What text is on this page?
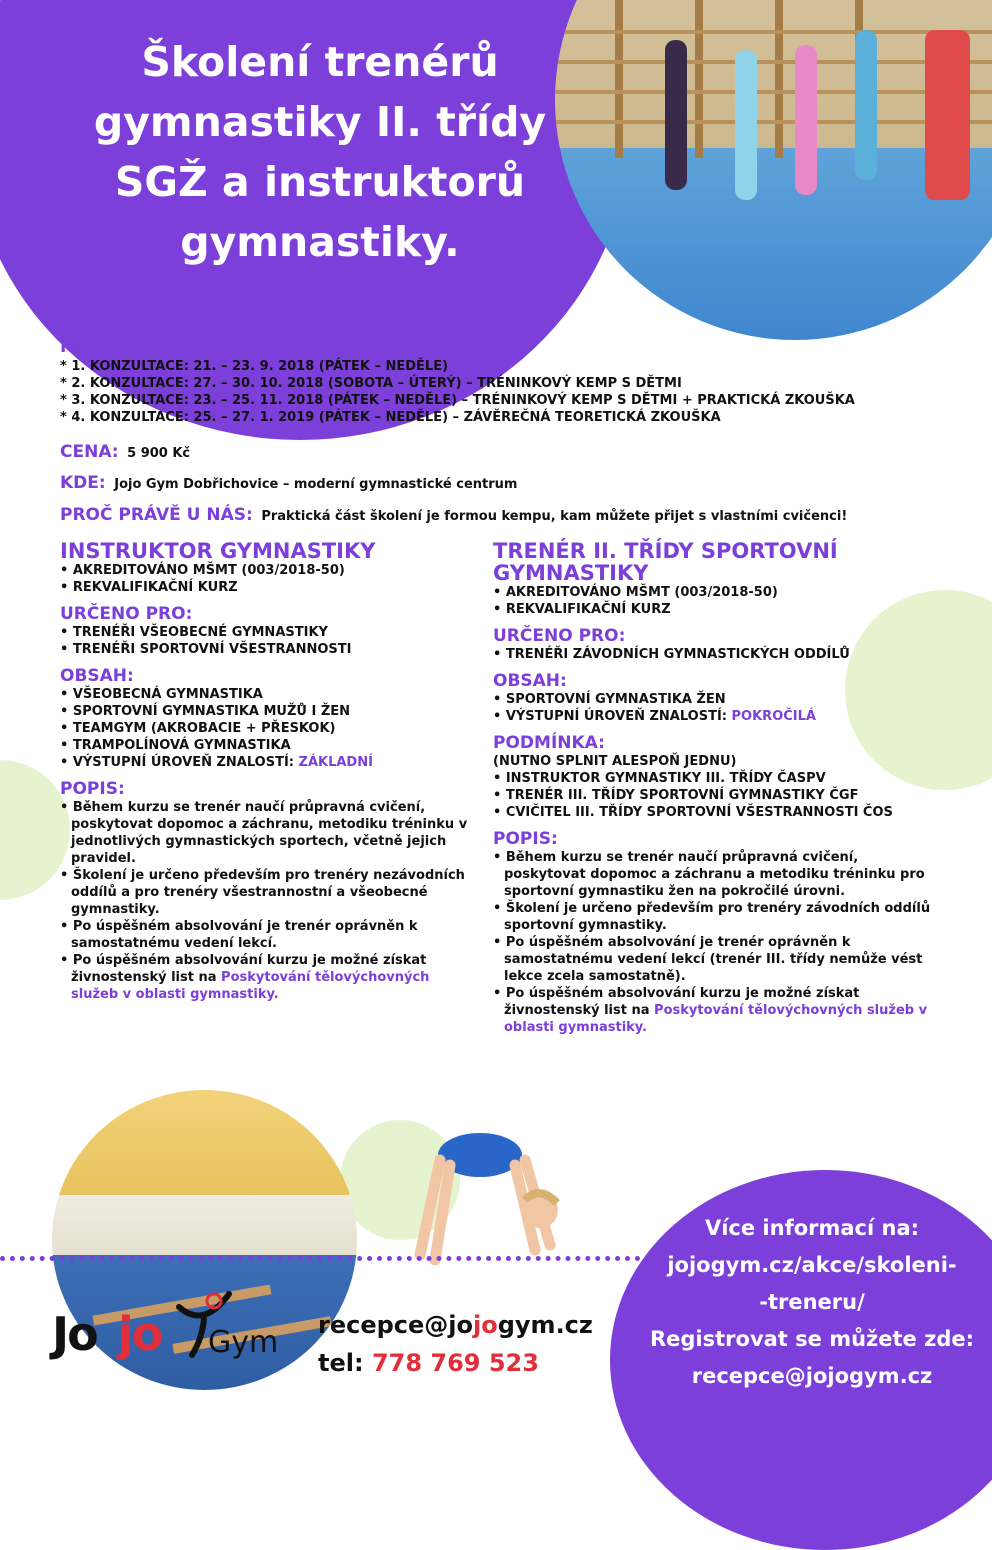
Školení trenérů gymnastiky II. třídy SGŽ a instruktorů gymnastiky.
KDY
* 1. KONZULTACE: 21. – 23. 9. 2018 (PÁTEK – NEDĚLE)
* 2. KONZULTACE: 27. – 30. 10. 2018 (SOBOTA – ÚTERÝ) – TRÉNINKOVÝ KEMP S DĚTMI
* 3. KONZULTACE: 23. – 25. 11. 2018 (PÁTEK – NEDĚLE) – TRÉNINKOVÝ KEMP S DĚTMI + PRAKTICKÁ ZKOUŠKA
* 4. KONZULTACE: 25. – 27. 1. 2019 (PÁTEK – NEDĚLE) – ZÁVĚREČNÁ TEORETICKÁ ZKOUŠKA
CENA: 5 900 Kč
KDE: Jojo Gym Dobřichovice – moderní gymnastické centrum
PROČ PRÁVĚ U NÁS: Praktická část školení je formou kempu, kam můžete přijet s vlastními cvičenci!
INSTRUKTOR GYMNASTIKY
• AKREDITOVÁNO MŠMT (003/2018-50)
• REKVALIFIKAČNÍ KURZ
URČENO PRO:
• TRENÉŘI VŠEOBECNÉ GYMNASTIKY
• TRENÉŘI SPORTOVNÍ VŠESTRANNOSTI
OBSAH:
• VŠEOBECNÁ GYMNASTIKA
• SPORTOVNÍ GYMNASTIKA MUŽŮ I ŽEN
• TEAMGYM (AKROBACIE + PŘESKOK)
• TRAMPOLÍNOVÁ GYMNASTIKA
• VÝSTUPNÍ ÚROVEŇ ZNALOSTÍ: ZÁKLADNÍ
POPIS:
• Během kurzu se trenér naučí průpravná cvičení, poskytovat dopomoc a záchranu, metodiku tréninku v jednotlivých gymnastických sportech, včetně jejich pravidel.
• Školení je určeno především pro trenéry nezávodních oddílů a pro trenéry všestrannostní a všeobecné gymnastiky.
• Po úspěšném absolvování je trenér oprávněn k samostatnému vedení lekcí.
• Po úspěšném absolvování kurzu je možné získat živnostenský list na Poskytování tělovýchovných služeb v oblasti gymnastiky.
TRENÉR II. TŘÍDY SPORTOVNÍ GYMNASTIKY
• AKREDITOVÁNO MŠMT (003/2018-50)
• REKVALIFIKAČNÍ KURZ
URČENO PRO:
• TRENÉŘI ZÁVODNÍCH GYMNASTICKÝCH ODDÍLŮ
OBSAH:
• SPORTOVNÍ GYMNASTIKA ŽEN
• VÝSTUPNÍ ÚROVEŇ ZNALOSTÍ: POKROČILÁ
PODMÍNKA:
(NUTNO SPLNIT ALESPOŇ JEDNU)
• INSTRUKTOR GYMNASTIKY III. TŘÍDY ČASPV
• TRENÉR III. TŘÍDY SPORTOVNÍ GYMNASTIKY ČGF
• CVIČITEL III. TŘÍDY SPORTOVNÍ VŠESTRANNOSTI ČOS
POPIS:
• Během kurzu se trenér naučí průpravná cvičení, poskytovat dopomoc a záchranu a metodiku tréninku pro sportovní gymnastiku žen na pokročilé úrovni.
• Školení je určeno především pro trenéry závodních oddílů sportovní gymnastiky.
• Po úspěšném absolvování je trenér oprávněn k samostatnému vedení lekcí (trenér III. třídy nemůže vést lekce zcela samostatně).
• Po úspěšném absolvování kurzu je možné získat živnostenský list na Poskytování tělovýchovných služeb v oblasti gymnastiky.
Více informací na:
jojogym.cz/akce/skoleni-
-treneru/
Registrovat se můžete zde:
recepce@jojogym.cz
Jo jo Gym recepce@jojogym.cz
tel: 778 769 523
